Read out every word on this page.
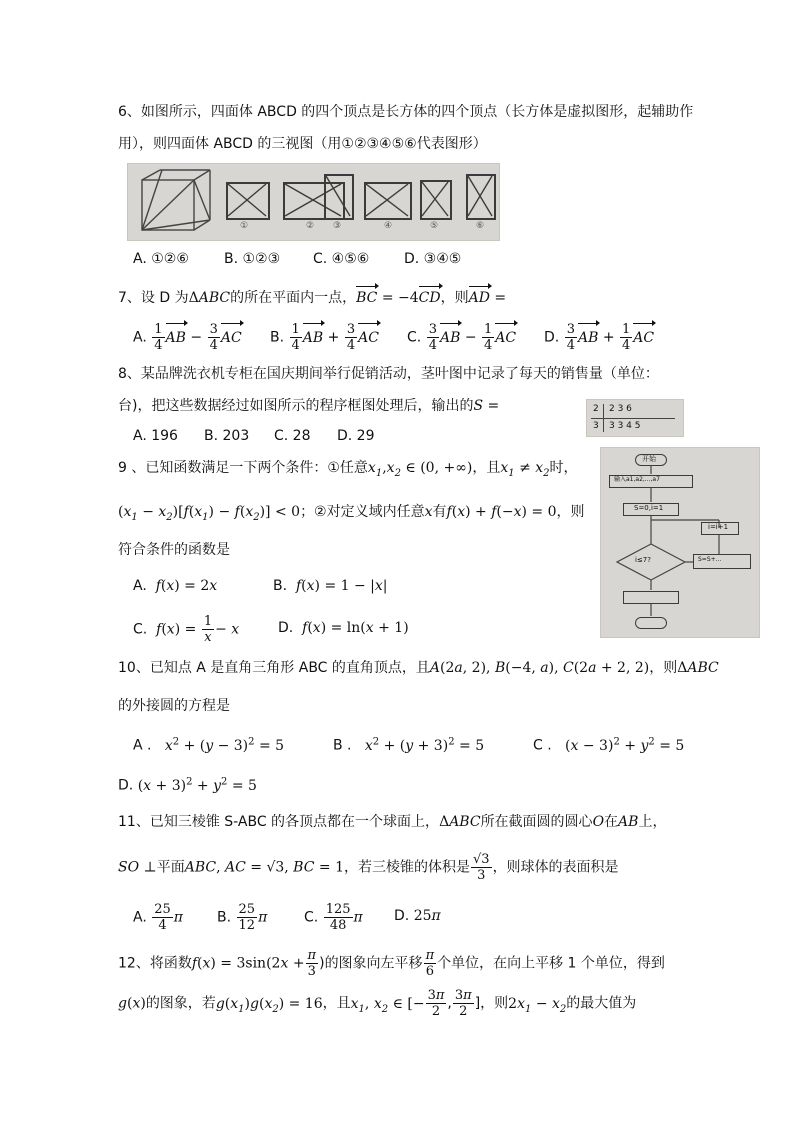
6、如图所示，四面体 ABCD 的四个顶点是长方体的四个顶点（长方体是虚拟图形，起辅助作
用），则四面体 ABCD 的三视图（用①②③④⑤⑥代表图形）
①	② ③	④	⑤	⑥
A. ①②⑥	B. ①②③ C. ④⑤⑥ D. ③④⑤
7、设 D 为ΔABC的所在平面内一点，BC = −4CD，则AD =
A. $\frac{1}{4}$ AB − $\frac{3}{4}$ AC B. $\frac{1}{4}$ AB + $\frac{3}{4}$ AC C. $\frac{3}{4}$ AB − $\frac{1}{4}$ AC D. $\frac{3}{4}$ AB + $\frac{1}{4}$ AC
8、某品牌洗衣机专柜在国庆期间举行促销活动，茎叶图中记录了每天的销售量（单位：
台)，把这些数据经过如图所示的程序框图处理后，输出的S =
A. 196 B. 203 C. 28 D. 29
2 2 3 6
3 3 3 4 5
开始
输入a1,a2,...,a7
S=0,i=1
i=i+1
i≤7?	S=S+...
9 、已知函数满足一下两个条件：①任意$x_1,x_2$ ∈ (0, +∞)，且$x_1 \ne x_2$时，
$(x_1 - x_2)[f(x_1) - f(x_2)] < 0$；②对定义域内任意x有f(x) + f(−x) = 0，则
符合条件的函数是
A. f(x) = 2x	B. f(x) = 1 − |x|
C. $f(x) = \frac{1}{x} - x$	D. f(x) = ln(x + 1)
10、已知点 A 是直角三角形 ABC 的直角顶点，且A(2a, 2), B(−4, a), C(2a + 2, 2)，则ΔABC
的外接圆的方程是
A . $x^2 + (y - 3)^2 = 5$	B . $x^2 + (y + 3)^2 = 5$	C . $(x - 3)^2 + y^2 = 5$
D. $(x + 3)^2 + y^2 = 5$
11、已知三棱锥 S-ABC 的各顶点都在一个球面上，ΔABC所在截面圆的圆心O在AB上，
SO ⊥平面ABC, AC = √3, BC = 1，若三棱锥的体积是 $\frac{√3}{3}$ ，则球体的表面积是
A. $\frac{25}{4}$ π B. $\frac{25}{12}$ π	C. $\frac{125}{48}$ π D. 25π
12、将函数$f(x) = 3\sin(2x + \frac{\pi}{3}$ )的图象向左平移 $\frac{\pi}{6}$ 个单位，在向上平移 1 个单位，得到
g(x)的图象，若$g(x_1)g(x_2) = 16$，且$x_1$, $x_2$ ∈ [− $\frac{3\pi}{2}$ , $\frac{3\pi}{2}$ ]，则$2x_1 - x_2$的最大值为
